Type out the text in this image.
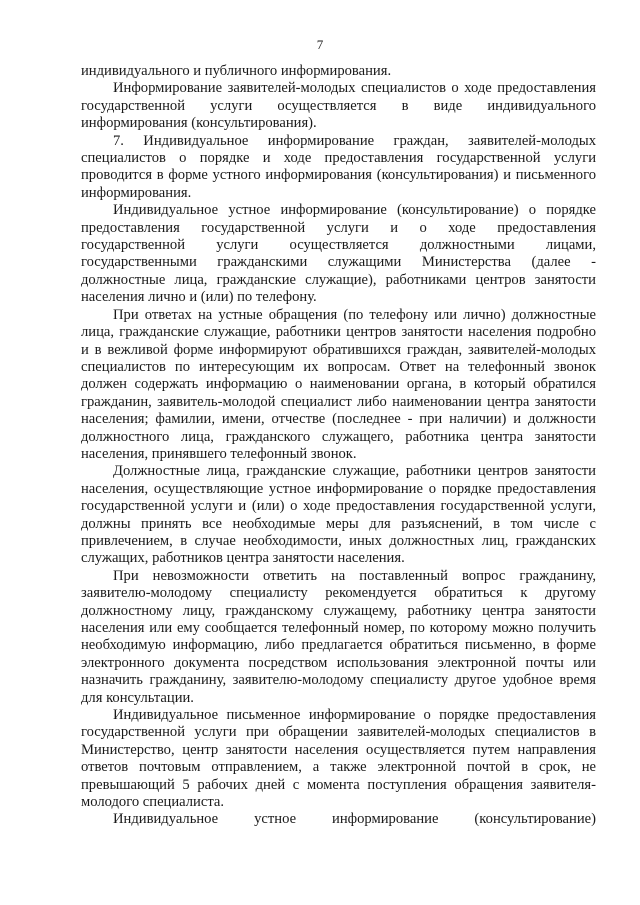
7

индивидуального и публичного информирования.

Информирование заявителей-молодых специалистов о ходе предоставления государственной услуги осуществляется в виде индивидуального информирования (консультирования).

7. Индивидуальное информирование граждан, заявителей-молодых специалистов о порядке и ходе предоставления государственной услуги проводится в форме устного информирования (консультирования) и письменного информирования.

Индивидуальное устное информирование (консультирование) о порядке предоставления государственной услуги и о ходе предоставления государственной услуги осуществляется должностными лицами, государственными гражданскими служащими Министерства (далее - должностные лица, гражданские служащие), работниками центров занятости населения лично и (или) по телефону.

При ответах на устные обращения (по телефону или лично) должностные лица, гражданские служащие, работники центров занятости населения подробно и в вежливой форме информируют обратившихся граждан, заявителей-молодых специалистов по интересующим их вопросам. Ответ на телефонный звонок должен содержать информацию о наименовании органа, в который обратился гражданин, заявитель-молодой специалист либо наименовании центра занятости населения; фамилии, имени, отчестве (последнее - при наличии) и должности должностного лица, гражданского служащего, работника центра занятости населения, принявшего телефонный звонок.

Должностные лица, гражданские служащие, работники центров занятости населения, осуществляющие устное информирование о порядке предоставления государственной услуги и (или) о ходе предоставления государственной услуги, должны принять все необходимые меры для разъяснений, в том числе с привлечением, в случае необходимости, иных должностных лиц, гражданских служащих, работников центра занятости населения.

При невозможности ответить на поставленный вопрос гражданину, заявителю-молодому специалисту рекомендуется обратиться к другому должностному лицу, гражданскому служащему, работнику центра занятости населения или ему сообщается телефонный номер, по которому можно получить необходимую информацию, либо предлагается обратиться письменно, в форме электронного документа посредством использования электронной почты или назначить гражданину, заявителю-молодому специалисту другое удобное время для консультации.

Индивидуальное письменное информирование о порядке предоставления государственной услуги при обращении заявителей-молодых специалистов в Министерство, центр занятости населения осуществляется путем направления ответов почтовым отправлением, а также электронной почтой в срок, не превышающий 5 рабочих дней с момента поступления обращения заявителя-молодого специалиста.

Индивидуальное устное информирование (консультирование)
